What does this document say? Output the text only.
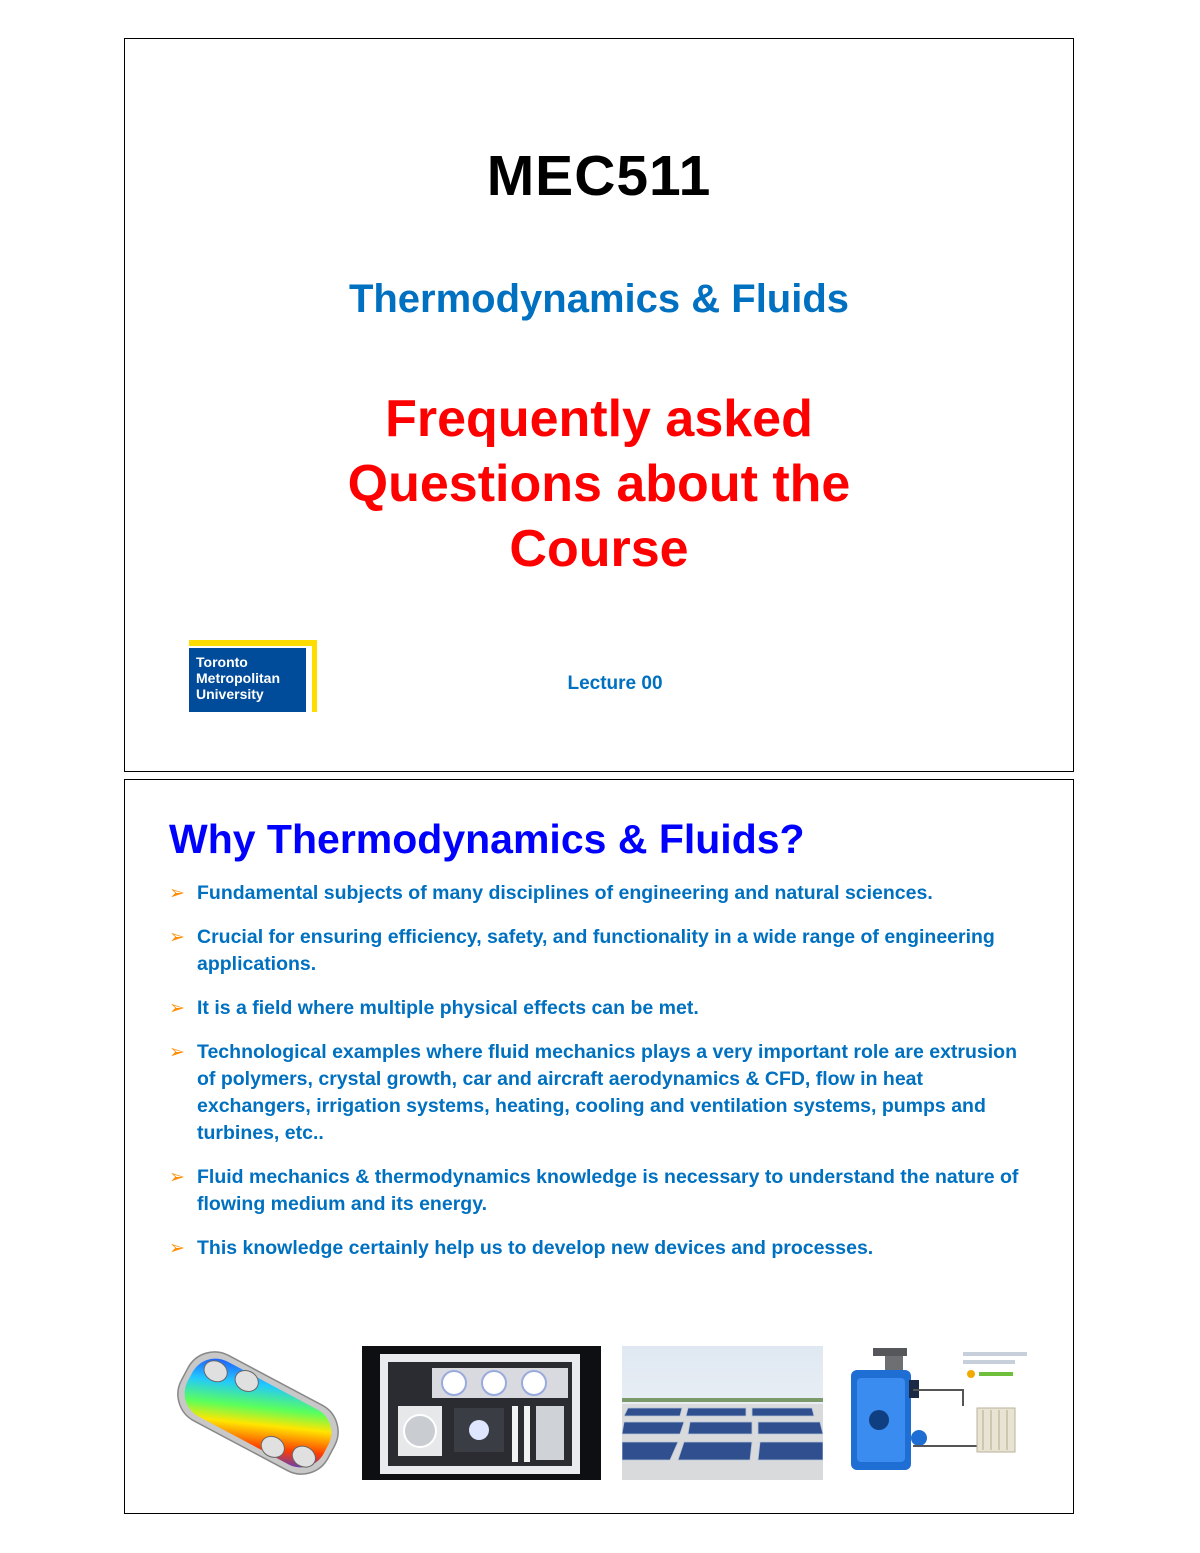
MEC511
Thermodynamics & Fluids
Frequently asked
Questions about the
Course
Toronto
Metropolitan
University	Lecture 00
Why Thermodynamics & Fluids?
➢ Fundamental subjects of many disciplines of engineering and natural sciences.
➢ Crucial for ensuring efficiency, safety, and functionality in a wide range of engineering applications.
➢ It is a field where multiple physical effects can be met.
➢ Technological examples where fluid mechanics plays a very important role are extrusion of polymers, crystal growth, car and aircraft aerodynamics & CFD, flow in heat exchangers, irrigation systems, heating, cooling and ventilation systems, pumps and turbines, etc..
➢ Fluid mechanics & thermodynamics knowledge is necessary to understand the nature of flowing medium and its energy.
➢ This knowledge certainly help us to develop new devices and processes.
